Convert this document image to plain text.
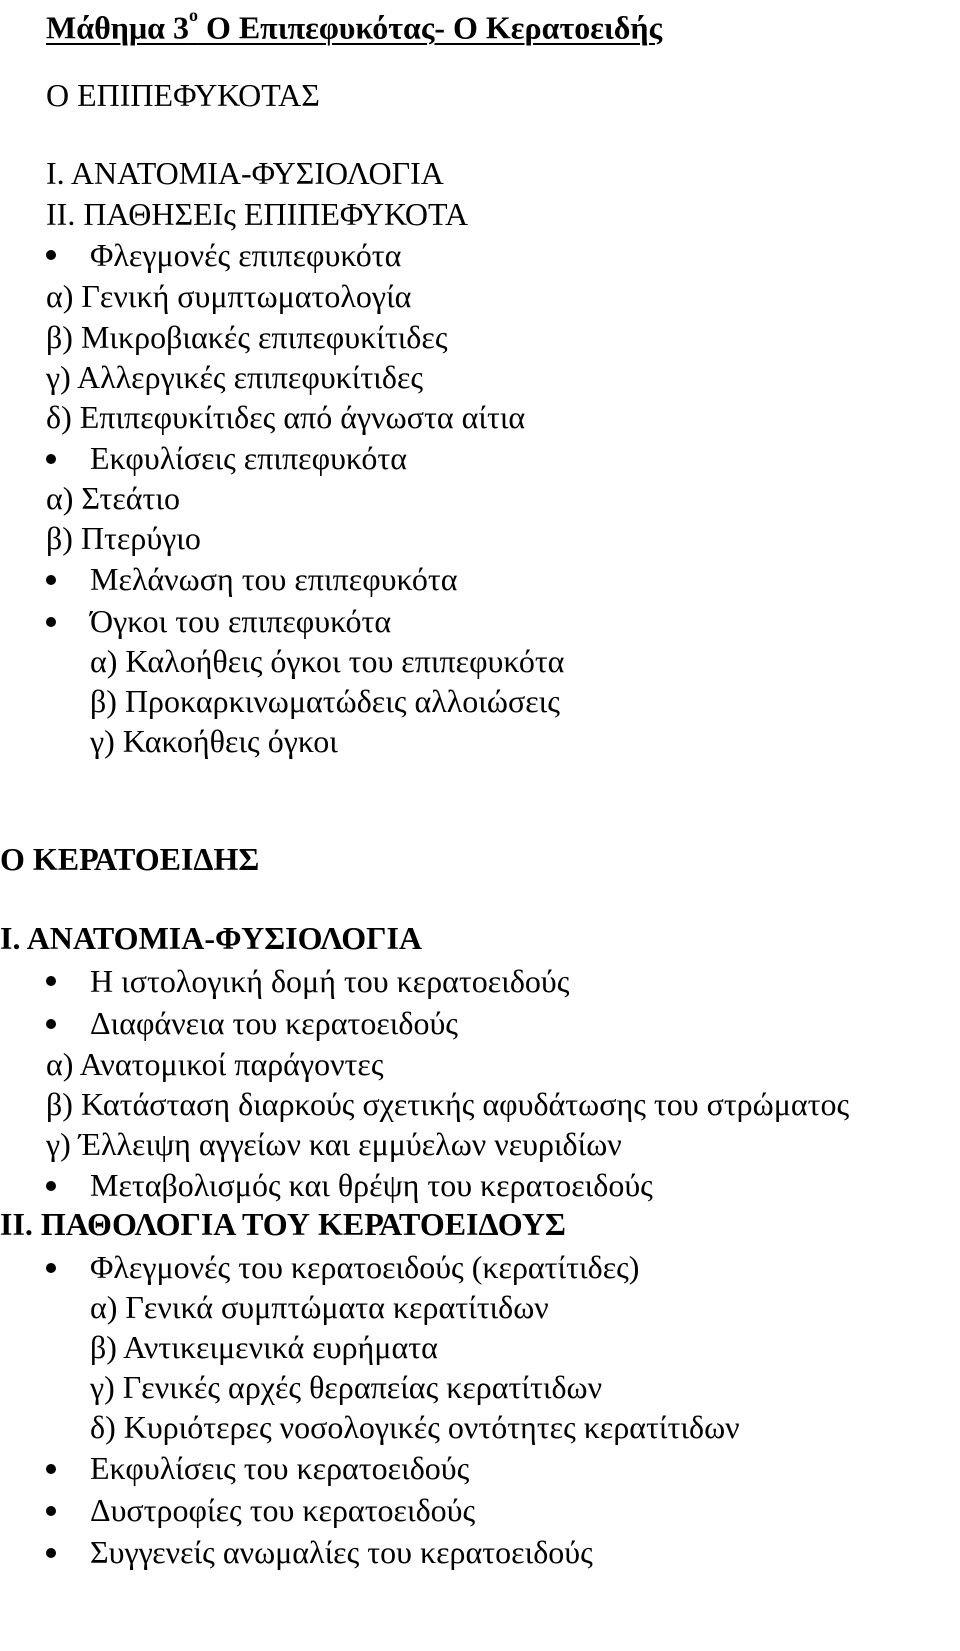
Μάθημα $3^o$ Ο Επιπεφυκότας- Ο Κερατοειδής
Ο ΕΠΙΠΕΦΥΚΟΤΑΣ
Ι. ΑΝΑΤΟΜΙΑ-ΦΥΣΙΟΛΟΓΙΑ
ΙΙ. ΠΑΘΗΣΕΙς ΕΠΙΠΕΦΥΚΟΤΑ
Φλεγμονές επιπεφυκότα
α) Γενική συμπτωματολογία
β) Μικροβιακές επιπεφυκίτιδες
γ) Αλλεργικές επιπεφυκίτιδες
δ) Επιπεφυκίτιδες από άγνωστα αίτια
Εκφυλίσεις επιπεφυκότα
α) Στεάτιο
β) Πτερύγιο
Μελάνωση του επιπεφυκότα
Όγκοι του επιπεφυκότα
α) Καλοήθεις όγκοι του επιπεφυκότα
β) Προκαρκινωματώδεις αλλοιώσεις
γ) Κακοήθεις όγκοι
Ο ΚΕΡΑΤΟΕΙΔΗΣ
Ι. ΑΝΑΤΟΜΙΑ-ΦΥΣΙΟΛΟΓΙΑ
Η ιστολογική δομή του κερατοειδούς
Διαφάνεια του κερατοειδούς
α) Ανατομικοί παράγοντες
β) Κατάσταση διαρκούς σχετικής αφυδάτωσης του στρώματος
γ) Έλλειψη αγγείων και εμμύελων νευριδίων
Μεταβολισμός και θρέψη του κερατοειδούς
ΙΙ. ΠΑΘΟΛΟΓΙΑ ΤΟΥ ΚΕΡΑΤΟΕΙΔΟΥΣ
Φλεγμονές του κερατοειδούς (κερατίτιδες)
α) Γενικά συμπτώματα κερατίτιδων
β) Αντικειμενικά ευρήματα
γ) Γενικές αρχές θεραπείας κερατίτιδων
δ) Κυριότερες νοσολογικές οντότητες κερατίτιδων
Εκφυλίσεις του κερατοειδούς
Δυστροφίες του κερατοειδούς
Συγγενείς ανωμαλίες του κερατοειδούς
